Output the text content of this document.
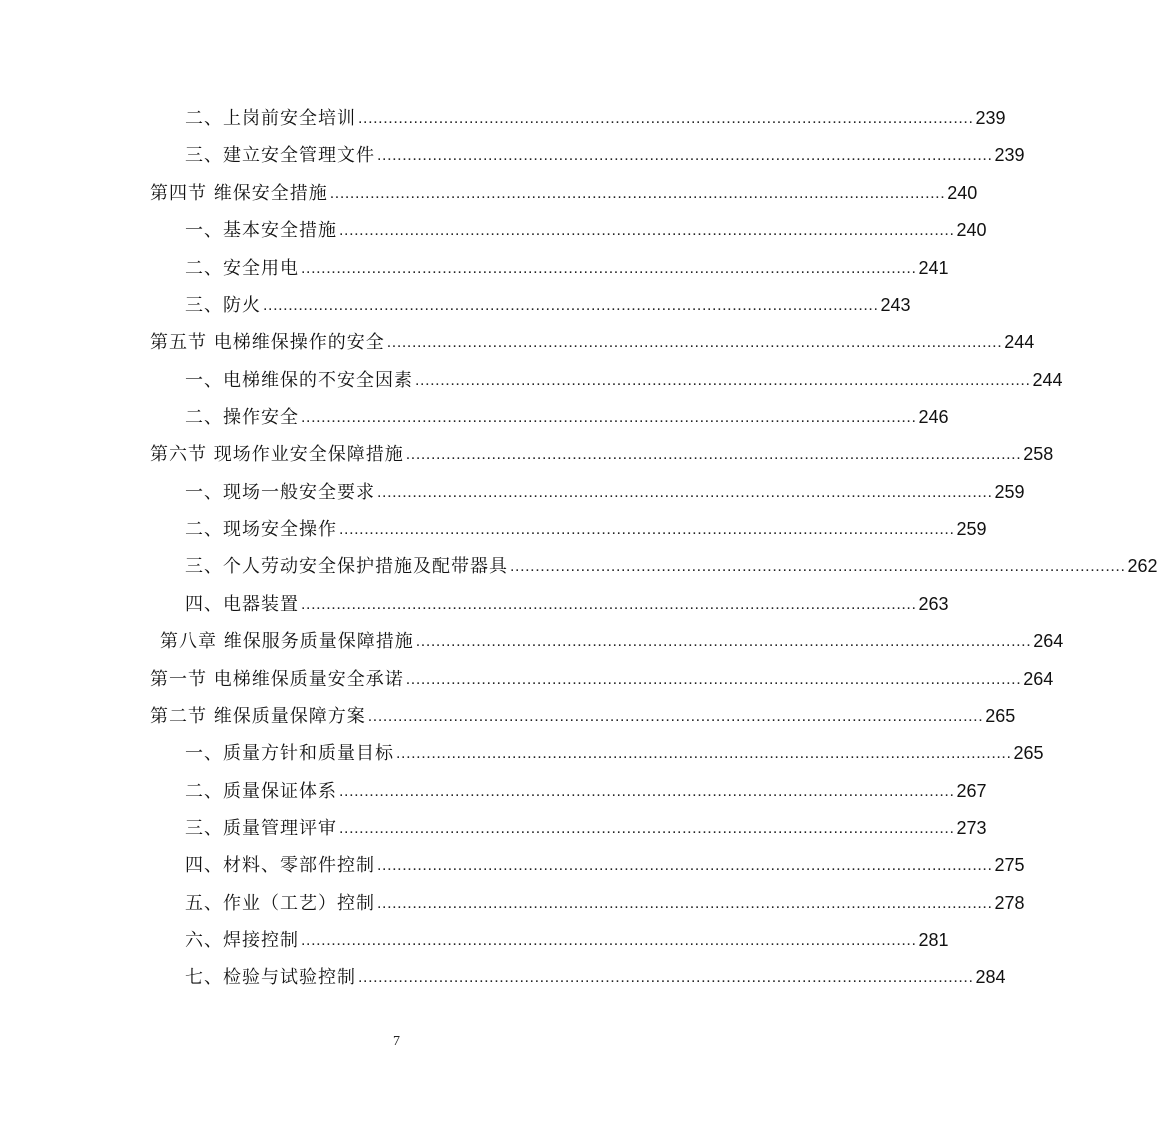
二、上岗前安全培训 .......................................................................................................................... 239
三、建立安全管理文件 .......................................................................................................................... 239
第四节 维保安全措施 .......................................................................................................................... 240
一、基本安全措施 .......................................................................................................................... 240
二、安全用电 .......................................................................................................................... 241
三、防火 .......................................................................................................................... 243
第五节 电梯维保操作的安全 .......................................................................................................................... 244
一、电梯维保的不安全因素 .......................................................................................................................... 244
二、操作安全 .......................................................................................................................... 246
第六节 现场作业安全保障措施 .......................................................................................................................... 258
一、现场一般安全要求 .......................................................................................................................... 259
二、现场安全操作 .......................................................................................................................... 259
三、个人劳动安全保护措施及配带器具 .......................................................................................................................... 262
四、电器装置 .......................................................................................................................... 263
第八章 维保服务质量保障措施 .......................................................................................................................... 264
第一节 电梯维保质量安全承诺 .......................................................................................................................... 264
第二节 维保质量保障方案 .......................................................................................................................... 265
一、质量方针和质量目标 .......................................................................................................................... 265
二、质量保证体系 .......................................................................................................................... 267
三、质量管理评审 .......................................................................................................................... 273
四、材料、零部件控制 .......................................................................................................................... 275
五、作业（工艺）控制 .......................................................................................................................... 278
六、焊接控制 .......................................................................................................................... 281
七、检验与试验控制 .......................................................................................................................... 284
7
